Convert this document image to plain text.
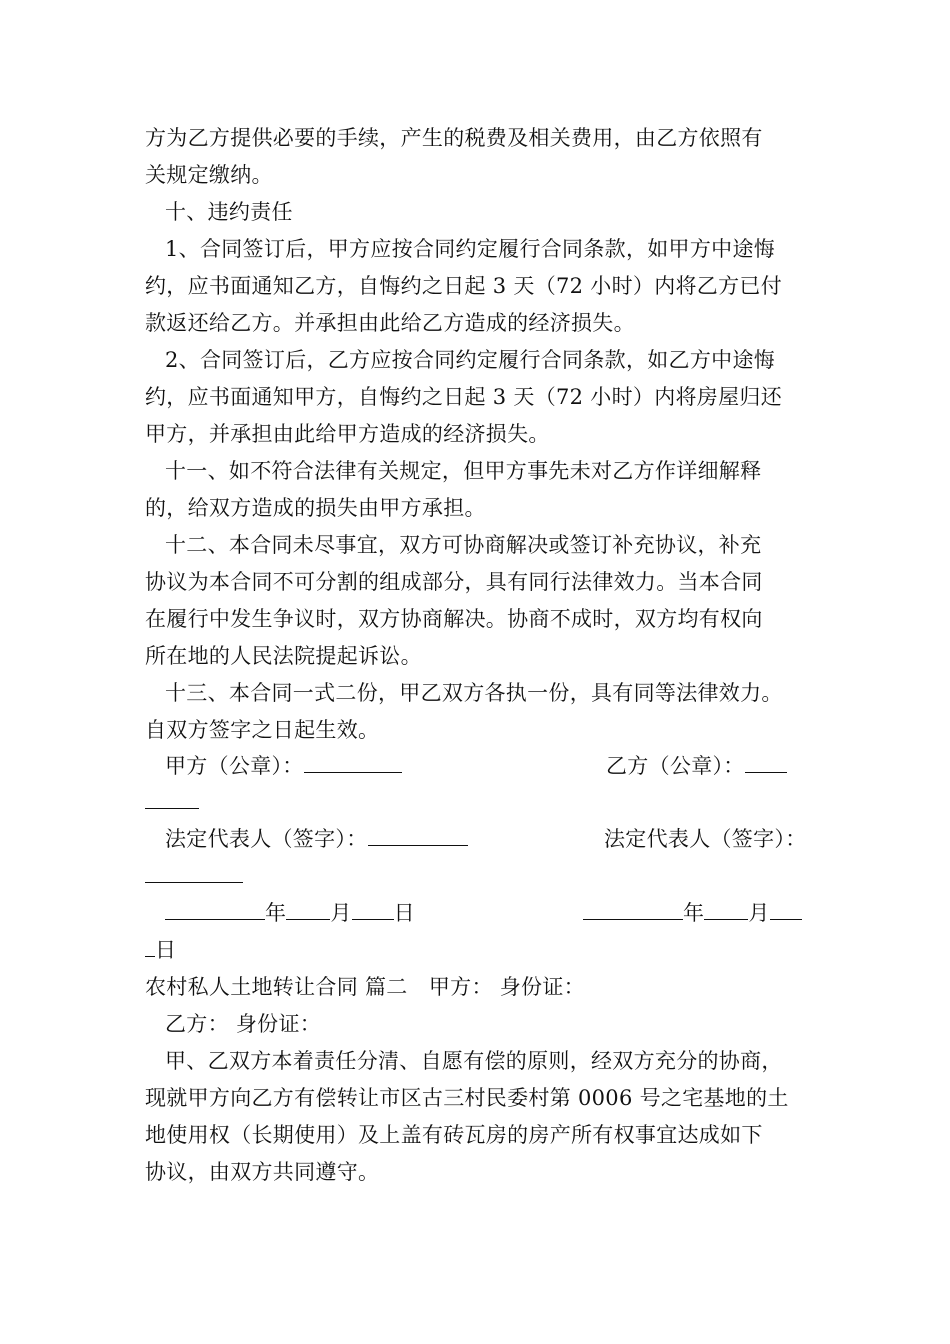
方为乙方提供必要的手续，产生的税费及相关费用，由乙方依照有
关规定缴纳。
十、违约责任
1、合同签订后，甲方应按合同约定履行合同条款，如甲方中途悔
约，应书面通知乙方，自悔约之日起 3 天（72 小时）内将乙方已付
款返还给乙方。并承担由此给乙方造成的经济损失。
2、合同签订后，乙方应按合同约定履行合同条款，如乙方中途悔
约，应书面通知甲方，自悔约之日起 3 天（72 小时）内将房屋归还
甲方，并承担由此给甲方造成的经济损失。
十一、如不符合法律有关规定，但甲方事先未对乙方作详细解释
的，给双方造成的损失由甲方承担。
十二、本合同未尽事宜，双方可协商解决或签订补充协议，补充
协议为本合同不可分割的组成部分，具有同行法律效力。当本合同
在履行中发生争议时，双方协商解决。协商不成时，双方均有权向
所在地的人民法院提起诉讼。
十三、本合同一式二份，甲乙双方各执一份，具有同等法律效力。
自双方签字之日起生效。
甲方（公章）：	乙方（公章）：
法定代表人（签字）：	法定代表人（签字）：
年 月 日	年 月
日
农村私人土地转让合同 篇二　甲方： 身份证：
乙方： 身份证：
甲、乙双方本着责任分清、自愿有偿的原则，经双方充分的协商，
现就甲方向乙方有偿转让市区古三村民委村第 0006 号之宅基地的土
地使用权（长期使用）及上盖有砖瓦房的房产所有权事宜达成如下
协议，由双方共同遵守。
